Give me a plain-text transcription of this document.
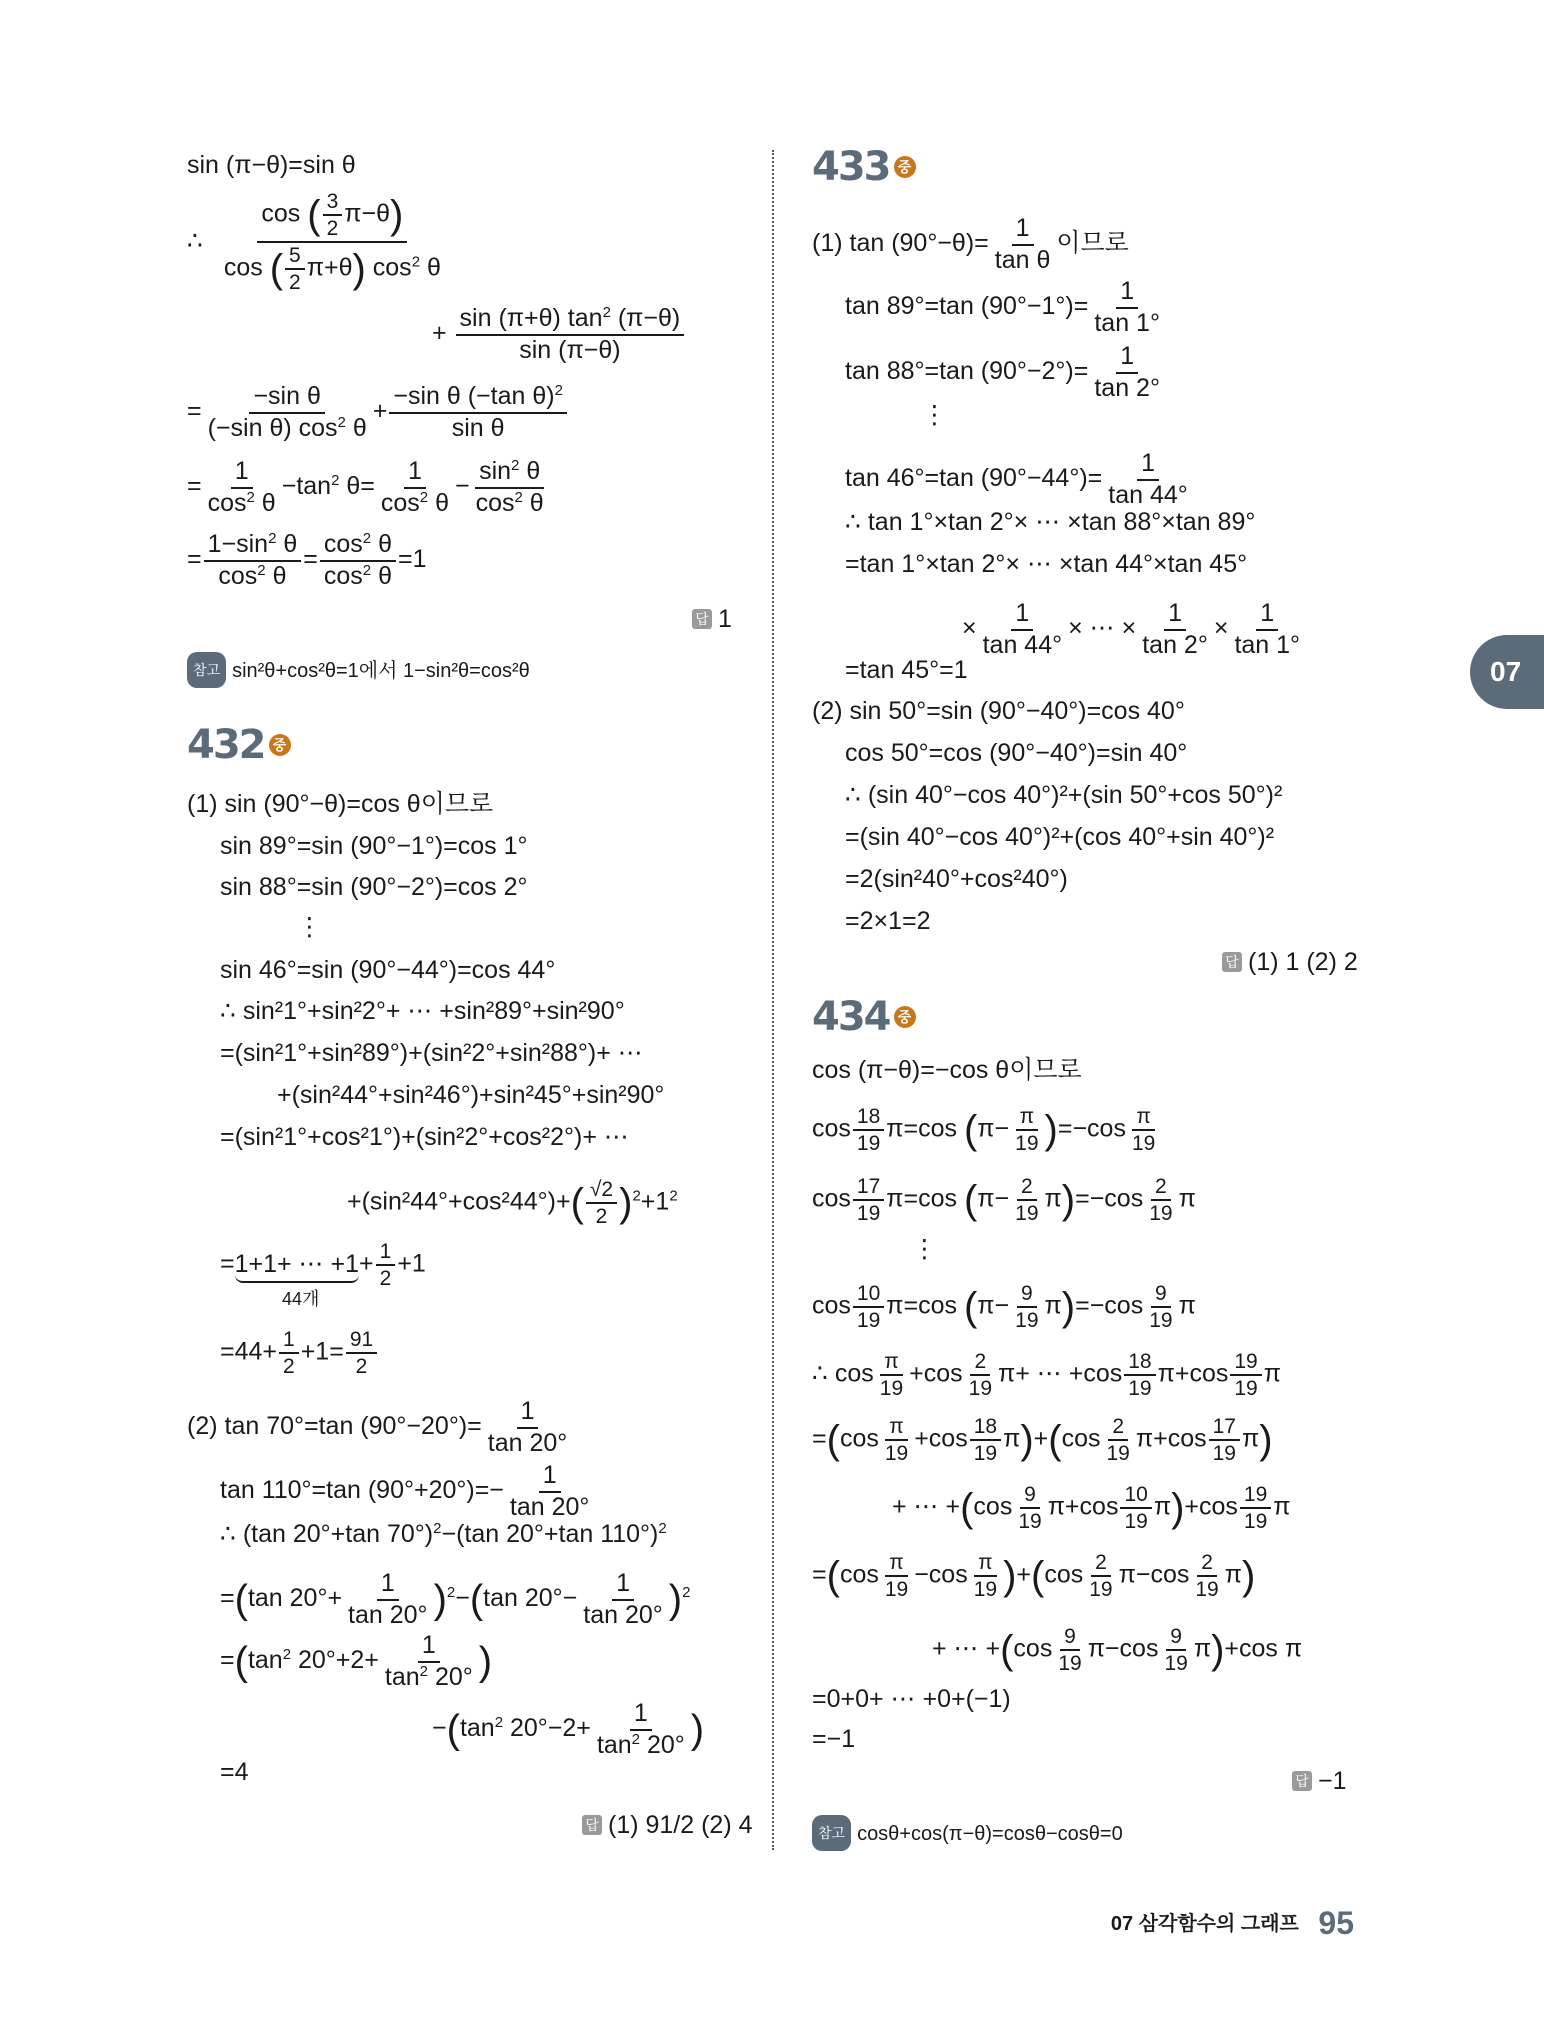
07
sin (π−θ)=sin θ
∴ $\frac{\cos ( \frac{3}{2} \pi-\theta)}{\cos ( \frac{5}{2} \pi+\theta) \cos^2 \theta}$
+ $\frac{\sin (\pi+\theta) \tan^2 (\pi-\theta)}{\sin (\pi-\theta)}$
= $\frac{\text{−sin θ}}{(-\sin \theta) \cos^2 \theta} + \frac{-\sin \theta (-\tan \theta)^2}{\text{sin θ}}$
= $\frac{1}{\cos^2 \theta} -\tan^2$ $\theta= \frac{1}{\cos^2 \theta} - \frac{\sin^2 \theta}{\cos^2 \theta}$
= $\frac{1-\sin^2 \theta}{\cos^2 \theta} = \frac{\cos^2 \theta}{\cos^2 \theta} =1$
답 1
참고 sin²θ+cos²θ=1에서 1−sin²θ=cos²θ
432 중
(1) sin (90°−θ)=cos θ이므로
sin 89°=sin (90°−1°)=cos 1°
sin 88°=sin (90°−2°)=cos 2°
⋮
sin 46°=sin (90°−44°)=cos 44°
∴ sin²1°+sin²2°+ ⋯ +sin²89°+sin²90°
=(sin²1°+sin²89°)+(sin²2°+sin²88°)+ ⋯
+(sin²44°+sin²46°)+sin²45°+sin²90°
=(sin²1°+cos²1°)+(sin²2°+cos²2°)+ ⋯
$+(\sin^244^\circ+\cos^244^\circ)+( \frac{√2}{2} )^2+1^2$
=1+1+ ⋯ $+1+ \frac{1}{2} +1$
44개
$=44+ \frac{1}{2} +1= \frac{91}{2}$
(2) tan 70°=tan $(90^\circ-20^\circ)= \frac{1}{\tan 20^\circ}$
tan 110°=tan $(90^\circ+20^\circ)=- \frac{1}{\tan 20^\circ}$
∴ (tan 20°+tan 70°)$^2$−(tan 20°+tan 110°)$^2$
=(tan $20^\circ+ \frac{1}{\tan 20^\circ} )^2-(\tan$ $20^\circ- \frac{1}{\tan 20^\circ} )^2$
$=(\tan^2$ $20^\circ+2+ \frac{1}{\tan^2 20^\circ}$ )
$-(\tan^2$ $20^\circ-2+ \frac{1}{\tan^2 20^\circ}$ )
=4
답 (1) 91/2 (2) 4
433 중
(1) $\tan (90^\circ-\theta)= \frac{1}{\text{tan θ}}$ 이므로
tan 89°=tan $(90^\circ-1^\circ)= \frac{1}{\tan 1^\circ}$
tan 88°=tan $(90^\circ-2^\circ)= \frac{1}{\tan 2^\circ}$
⋮
tan 46°=tan $(90^\circ-44^\circ)= \frac{1}{\tan 44^\circ}$
∴ tan 1°×tan 2°× ⋯ ×tan 88°×tan 89°
=tan 1°×tan 2°× ⋯ ×tan 44°×tan 45°
× $\frac{1}{\tan 44^\circ}$ × ⋯ × $\frac{1}{\tan 2^\circ} \times \frac{1}{\tan 1^\circ}$
=tan 45°=1
(2) sin 50°=sin (90°−40°)=cos 40°
cos 50°=cos (90°−40°)=sin 40°
∴ (sin 40°−cos 40°)²+(sin 50°+cos 50°)²
=(sin 40°−cos 40°)²+(cos 40°+sin 40°)²
=2(sin²40°+cos²40°)
=2×1=2
답 (1) 1 (2) 2
434 중
cos (π−θ)=−cos θ이므로
$\cos \frac{18}{19} \pi=\cos$ $(\pi- \frac{\pi}{19} )=-\cos \frac{\pi}{19}$
$\cos \frac{17}{19} \pi=\cos$ $(\pi- \frac{2}{19} \pi)=-\cos \frac{2}{19}$ π
⋮
$\cos \frac{10}{19} \pi=\cos$ $(\pi- \frac{9}{19} \pi)=-\cos \frac{9}{19}$ π
∴ $\cos \frac{\pi}{19} +\cos \frac{2}{19} \pi+$ ⋯ $+\cos \frac{18}{19} \pi+\cos \frac{19}{19}$ π
$=(\cos \frac{\pi}{19} +\cos \frac{18}{19} \pi)+(\cos \frac{2}{19} \pi+\cos \frac{17}{19} \pi)$
+ ⋯ $+(\cos \frac{9}{19} \pi+\cos \frac{10}{19} \pi)+\cos \frac{19}{19}$ π
$=(\cos \frac{\pi}{19} -\cos \frac{\pi}{19} )+(\cos \frac{2}{19} \pi-\cos \frac{2}{19} \pi)$
+ ⋯ $+(\cos \frac{9}{19} \pi-\cos \frac{9}{19} \pi)+\cos$ π
=0+0+ ⋯ +0+(−1)
=−1
답 −1
참고 cosθ+cos(π−θ)=cosθ−cosθ=0
07 삼각함수의 그래프 95
